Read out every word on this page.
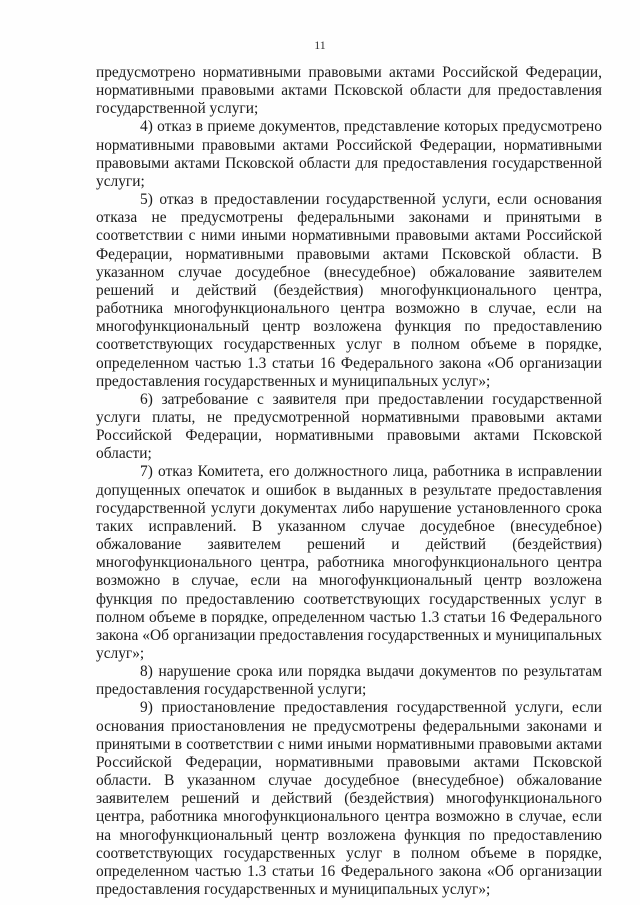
11

предусмотрено нормативными правовыми актами Российской Федерации, нормативными правовыми актами Псковской области для предоставления государственной услуги;

4) отказ в приеме документов, представление которых предусмотрено нормативными правовыми актами Российской Федерации, нормативными правовыми актами Псковской области для предоставления государственной услуги;

5) отказ в предоставлении государственной услуги, если основания отказа не предусмотрены федеральными законами и принятыми в соответствии с ними иными нормативными правовыми актами Российской Федерации, нормативными правовыми актами Псковской области. В указанном случае досудебное (внесудебное) обжалование заявителем решений и действий (бездействия) многофункционального центра, работника многофункционального центра возможно в случае, если на многофункциональный центр возложена функция по предоставлению соответствующих государственных услуг в полном объеме в порядке, определенном частью 1.3 статьи 16 Федерального закона «Об организации предоставления государственных и муниципальных услуг»;

6) затребование с заявителя при предоставлении государственной услуги платы, не предусмотренной нормативными правовыми актами Российской Федерации, нормативными правовыми актами Псковской области;

7) отказ Комитета, его должностного лица, работника в исправлении допущенных опечаток и ошибок в выданных в результате предоставления государственной услуги документах либо нарушение установленного срока таких исправлений. В указанном случае досудебное (внесудебное) обжалование заявителем решений и действий (бездействия) многофункционального центра, работника многофункционального центра возможно в случае, если на многофункциональный центр возложена функция по предоставлению соответствующих государственных услуг в полном объеме в порядке, определенном частью 1.3 статьи 16 Федерального закона «Об организации предоставления государственных и муниципальных услуг»;

8) нарушение срока или порядка выдачи документов по результатам предоставления государственной услуги;

9) приостановление предоставления государственной услуги, если основания приостановления не предусмотрены федеральными законами и принятыми в соответствии с ними иными нормативными правовыми актами Российской Федерации, нормативными правовыми актами Псковской области. В указанном случае досудебное (внесудебное) обжалование заявителем решений и действий (бездействия) многофункционального центра, работника многофункционального центра возможно в случае, если на многофункциональный центр возложена функция по предоставлению соответствующих государственных услуг в полном объеме в порядке, определенном частью 1.3 статьи 16 Федерального закона «Об организации предоставления государственных и муниципальных услуг»;
